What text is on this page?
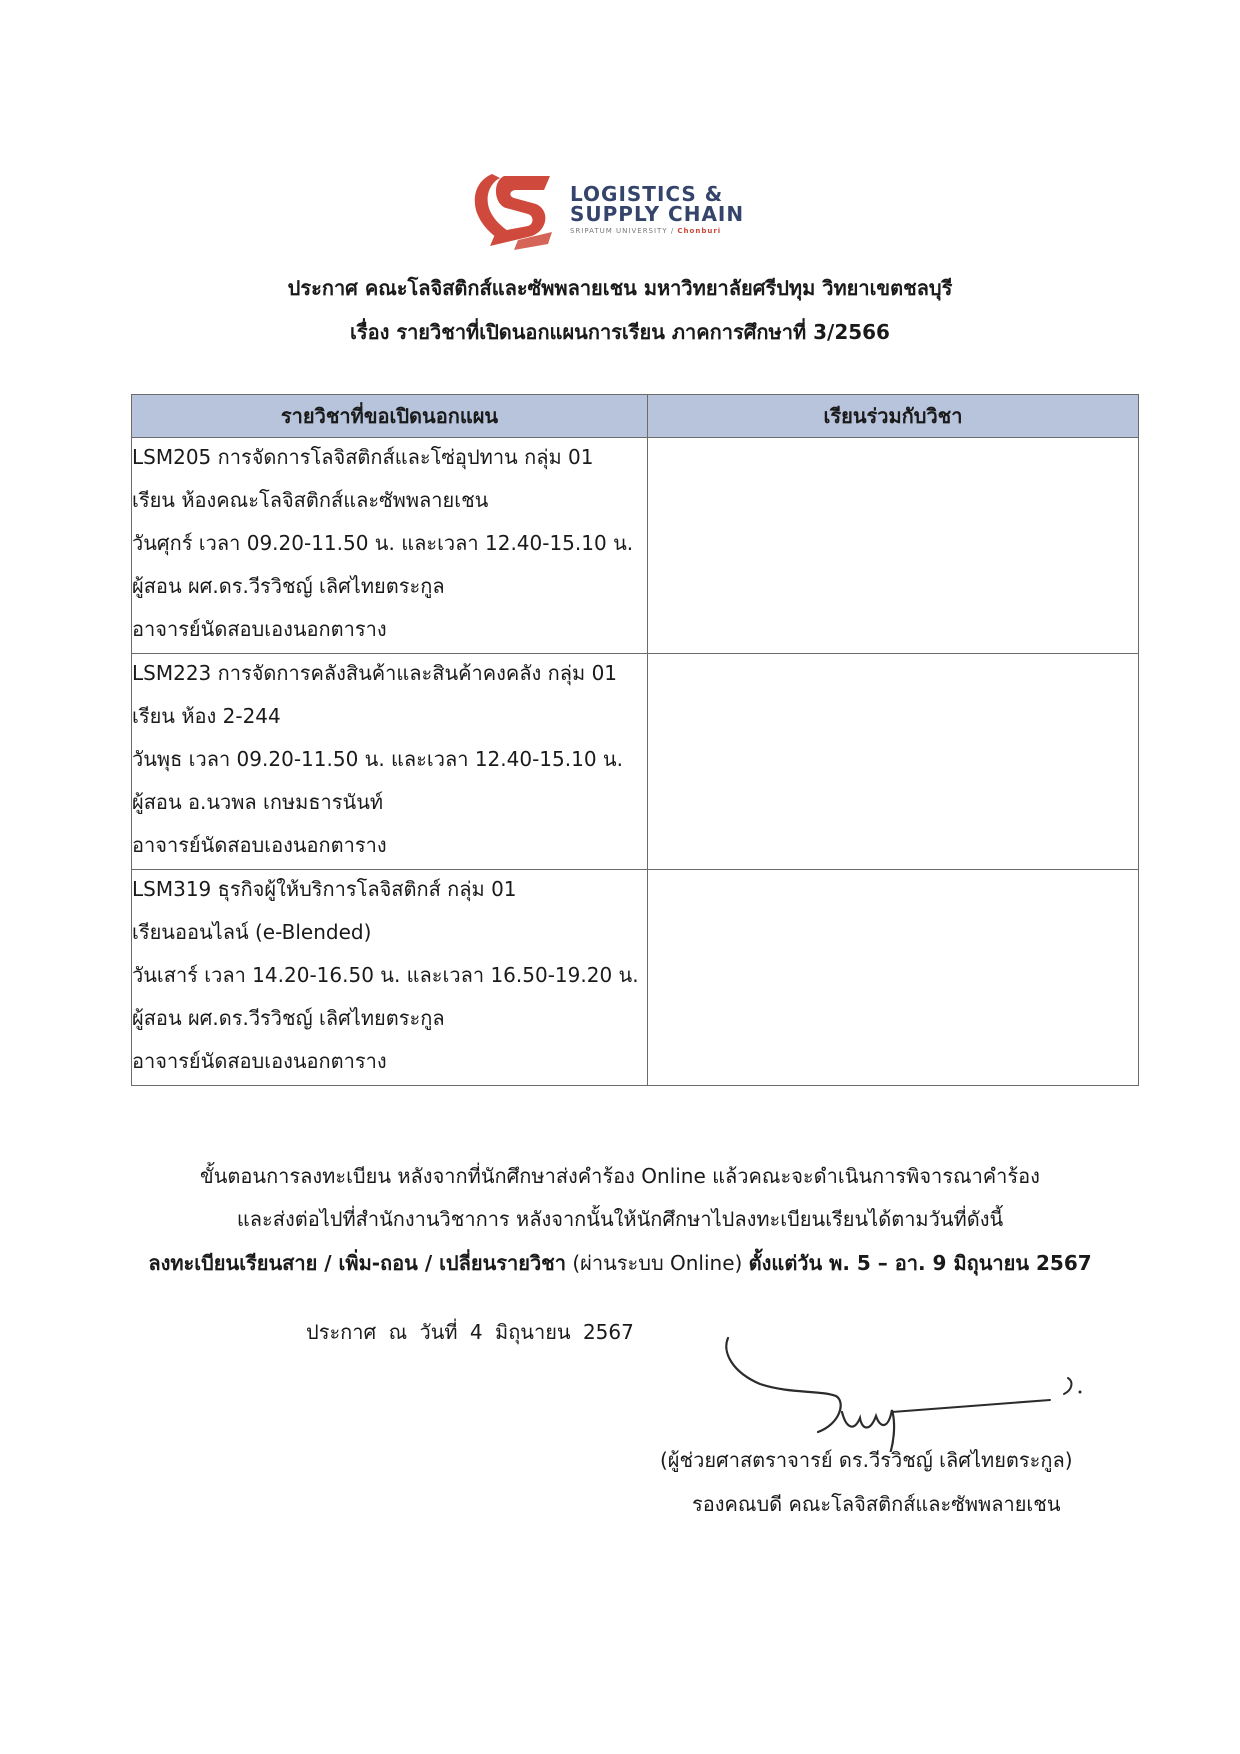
LOGISTICS &
SUPPLY CHAIN
SRIPATUM UNIVERSITY / Chonburi
ประกาศ คณะโลจิสติกส์และซัพพลายเชน มหาวิทยาลัยศรีปทุม วิทยาเขตชลบุรี
เรื่อง รายวิชาที่เปิดนอกแผนการเรียน ภาคการศึกษาที่ 3/2566
รายวิชาที่ขอเปิดนอกแผน	เรียนร่วมกับวิชา

LSM205 การจัดการโลจิสติกส์และโซ่อุปทาน กลุ่ม 01
เรียน ห้องคณะโลจิสติกส์และซัพพลายเชน
วันศุกร์ เวลา 09.20-11.50 น. และเวลา 12.40-15.10 น.
ผู้สอน ผศ.ดร.วีรวิชญ์ เลิศไทยตระกูล
อาจารย์นัดสอบเองนอกตาราง	

LSM223 การจัดการคลังสินค้าและสินค้าคงคลัง กลุ่ม 01
เรียน ห้อง 2-244
วันพุธ เวลา 09.20-11.50 น. และเวลา 12.40-15.10 น.
ผู้สอน อ.นวพล เกษมธารนันท์
อาจารย์นัดสอบเองนอกตาราง	

LSM319 ธุรกิจผู้ให้บริการโลจิสติกส์ กลุ่ม 01
เรียนออนไลน์ (e-Blended)
วันเสาร์ เวลา 14.20-16.50 น. และเวลา 16.50-19.20 น.
ผู้สอน ผศ.ดร.วีรวิชญ์ เลิศไทยตระกูล
อาจารย์นัดสอบเองนอกตาราง	

ขั้นตอนการลงทะเบียน หลังจากที่นักศึกษาส่งคำร้อง Online แล้วคณะจะดำเนินการพิจารณาคำร้อง
และส่งต่อไปที่สำนักงานวิชาการ หลังจากนั้นให้นักศึกษาไปลงทะเบียนเรียนได้ตามวันที่ดังนี้
ลงทะเบียนเรียนสาย / เพิ่ม-ถอน / เปลี่ยนรายวิชา (ผ่านระบบ Online) ตั้งแต่วัน พ. 5 – อา. 9 มิถุนายน 2567
ประกาศ ณ วันที่ 4 มิถุนายน 2567
(ผู้ช่วยศาสตราจารย์ ดร.วีรวิชญ์ เลิศไทยตระกูล)
รองคณบดี คณะโลจิสติกส์และซัพพลายเชน
